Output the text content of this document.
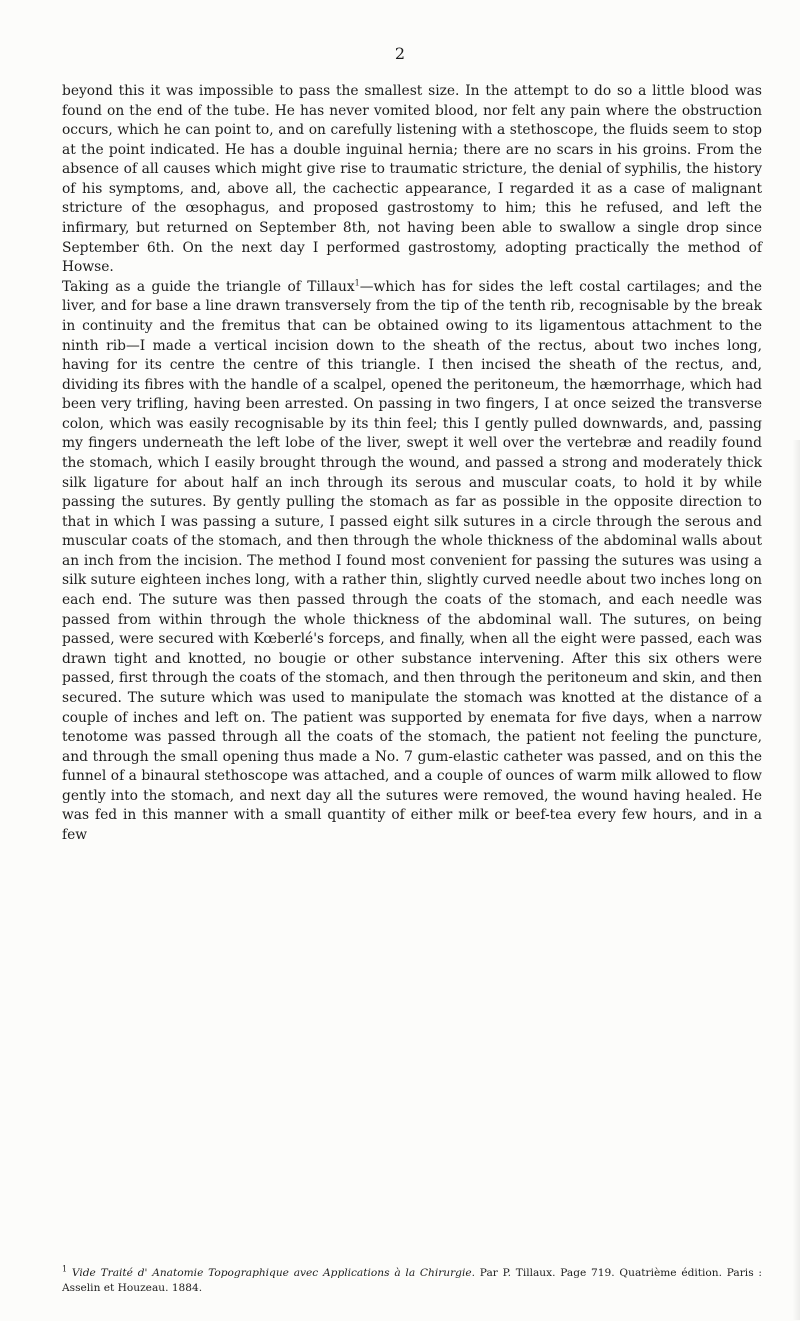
2

beyond this it was impossible to pass the smallest size. In the attempt to do so a little blood was found on the end of the tube. He has never vomited blood, nor felt any pain where the obstruction occurs, which he can point to, and on carefully listening with a stethoscope, the fluids seem to stop at the point indicated. He has a double inguinal hernia; there are no scars in his groins. From the absence of all causes which might give rise to traumatic stricture, the denial of syphilis, the history of his symptoms, and, above all, the cachectic appearance, I regarded it as a case of malignant stricture of the œsophagus, and proposed gastrostomy to him; this he refused, and left the infirmary, but returned on September 8th, not having been able to swallow a single drop since September 6th. On the next day I performed gastrostomy, adopting practically the method of Howse.

Taking as a guide the triangle of Tillaux$^1$—which has for sides the left costal cartilages; and the liver, and for base a line drawn transversely from the tip of the tenth rib, recognisable by the break in continuity and the fremitus that can be obtained owing to its ligamentous attachment to the ninth rib—I made a vertical incision down to the sheath of the rectus, about two inches long, having for its centre the centre of this triangle. I then incised the sheath of the rectus, and, dividing its fibres with the handle of a scalpel, opened the peritoneum, the hæmorrhage, which had been very trifling, having been arrested. On passing in two fingers, I at once seized the transverse colon, which was easily recognisable by its thin feel; this I gently pulled downwards, and, passing my fingers underneath the left lobe of the liver, swept it well over the vertebræ and readily found the stomach, which I easily brought through the wound, and passed a strong and moderately thick silk ligature for about half an inch through its serous and muscular coats, to hold it by while passing the sutures. By gently pulling the stomach as far as possible in the opposite direction to that in which I was passing a suture, I passed eight silk sutures in a circle through the serous and muscular coats of the stomach, and then through the whole thickness of the abdominal walls about an inch from the incision. The method I found most convenient for passing the sutures was using a silk suture eighteen inches long, with a rather thin, slightly curved needle about two inches long on each end. The suture was then passed through the coats of the stomach, and each needle was passed from within through the whole thickness of the abdominal wall. The sutures, on being passed, were secured with Kœberlé's forceps, and finally, when all the eight were passed, each was drawn tight and knotted, no bougie or other substance intervening. After this six others were passed, first through the coats of the stomach, and then through the peritoneum and skin, and then secured. The suture which was used to manipulate the stomach was knotted at the distance of a couple of inches and left on. The patient was supported by enemata for five days, when a narrow tenotome was passed through all the coats of the stomach, the patient not feeling the puncture, and through the small opening thus made a No. 7 gum-elastic catheter was passed, and on this the funnel of a binaural stethoscope was attached, and a couple of ounces of warm milk allowed to flow gently into the stomach, and next day all the sutures were removed, the wound having healed. He was fed in this manner with a small quantity of either milk or beef-tea every few hours, and in a few

$^1$ Vide Traité d' Anatomie Topographique avec Applications à la Chirurgie. Par P. Tillaux. Page 719. Quatrième édition. Paris : Asselin et Houzeau. 1884.
